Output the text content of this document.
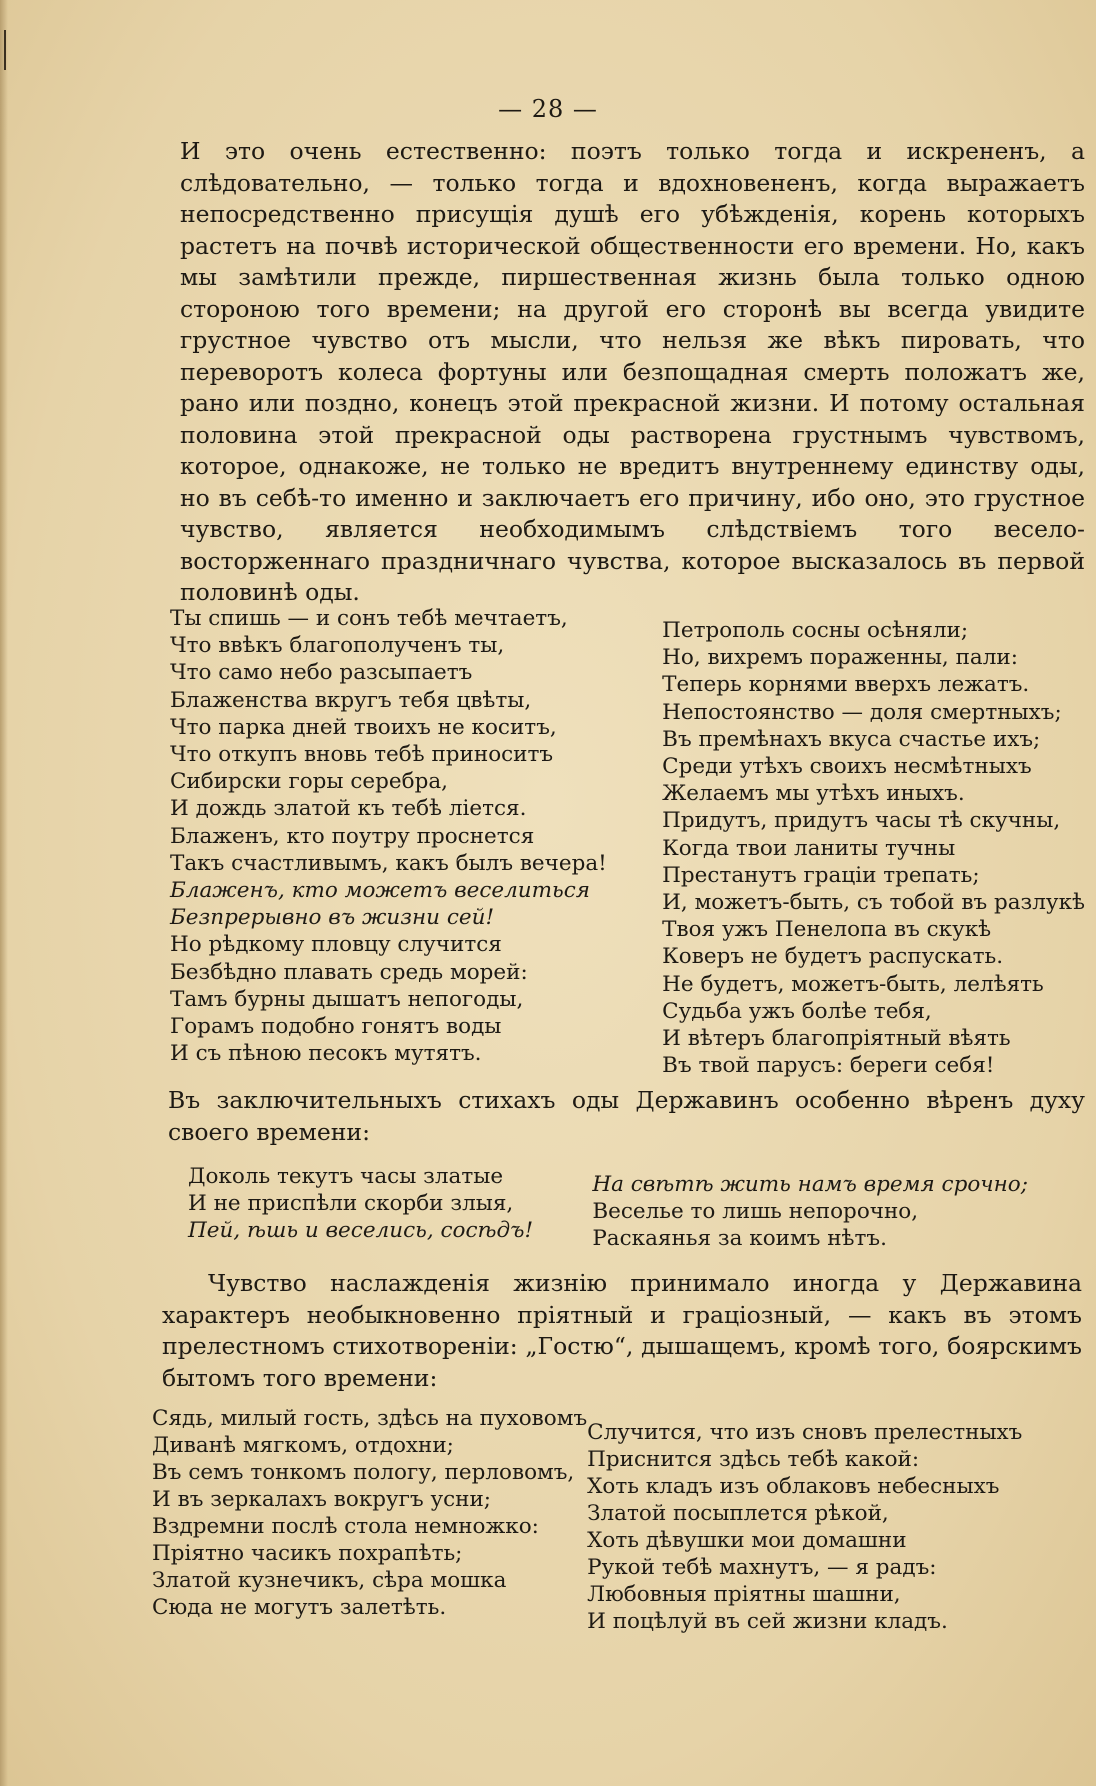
— 28 —

И это очень естественно: поэтъ только тогда и искрененъ, а слѣдовательно, — только тогда и вдохновененъ, когда выражаетъ непосредственно присущія душѣ его убѣжденія, корень которыхъ растетъ на почвѣ исторической общественности его времени. Но, какъ мы замѣтили прежде, пиршественная жизнь была только одною стороною того времени; на другой его сторонѣ вы всегда увидите грустное чувство отъ мысли, что нельзя же вѣкъ пировать, что переворотъ колеса фортуны или безпощадная смерть положатъ же, рано или поздно, конецъ этой прекрасной жизни. И потому остальная половина этой прекрасной оды растворена грустнымъ чувствомъ, которое, однакоже, не только не вредитъ внутреннему единству оды, но въ себѣ-то именно и заключаетъ его причину, ибо оно, это грустное чувство, является необходимымъ слѣдствіемъ того весело-восторженнаго праздничнаго чувства, которое высказалось въ первой половинѣ оды.

Ты спишь — и сонъ тебѣ мечтаетъ,
Что ввѣкъ благополученъ ты,
Что само небо разсыпаетъ
Блаженства вкругъ тебя цвѣты,
Что парка дней твоихъ не коситъ,
Что откупъ вновь тебѣ приноситъ
Сибирски горы серебра,
И дождь златой къ тебѣ ліется.
Блаженъ, кто поутру проснется
Такъ счастливымъ, какъ былъ вечера!
Блаженъ, кто можетъ веселиться
Безпрерывно въ жизни сей!
Но рѣдкому пловцу случится
Безбѣдно плавать средь морей:
Тамъ бурны дышатъ непогоды,
Горамъ подобно гонятъ воды
И съ пѣною песокъ мутятъ.
Петрополь сосны осѣняли;
Но, вихремъ пораженны, пали:
Теперь корнями вверхъ лежатъ.
Непостоянство — доля смертныхъ;
Въ премѣнахъ вкуса счастье ихъ;
Среди утѣхъ своихъ несмѣтныхъ
Желаемъ мы утѣхъ иныхъ.
Придутъ, придутъ часы тѣ скучны,
Когда твои ланиты тучны
Престанутъ граціи трепать;
И, можетъ-быть, съ тобой въ разлукѣ
Твоя ужъ Пенелопа въ скукѣ
Коверъ не будетъ распускать.
Не будетъ, можетъ-быть, лелѣять
Судьба ужъ болѣе тебя,
И вѣтеръ благопріятный вѣять
Въ твой парусъ: береги себя!

Въ заключительныхъ стихахъ оды Державинъ особенно вѣренъ духу своего времени:

Доколь текутъ часы златые
И не приспѣли скорби злыя,
Пей, ѣшь и веселись, сосѣдъ!
На свѣтѣ жить намъ время срочно;
Веселье то лишь непорочно,
Раскаянья за коимъ нѣтъ.

Чувство наслажденія жизнію принимало иногда у Державина характеръ необыкновенно пріятный и граціозный, — какъ въ этомъ прелестномъ стихотвореніи: „Гостю“, дышащемъ, кромѣ того, боярскимъ бытомъ того времени:

Сядь, милый гость, здѣсь на пуховомъ
Диванѣ мягкомъ, отдохни;
Въ семъ тонкомъ пологу, перловомъ,
И въ зеркалахъ вокругъ усни;
Вздремни послѣ стола немножко:
Пріятно часикъ похрапѣть;
Златой кузнечикъ, сѣра мошка
Сюда не могутъ залетѣть.
Случится, что изъ сновъ прелестныхъ
Приснится здѣсь тебѣ какой:
Хоть кладъ изъ облаковъ небесныхъ
Златой посыплется рѣкой,
Хоть дѣвушки мои домашни
Рукой тебѣ махнутъ, — я радъ:
Любовныя пріятны шашни,
И поцѣлуй въ сей жизни кладъ.
